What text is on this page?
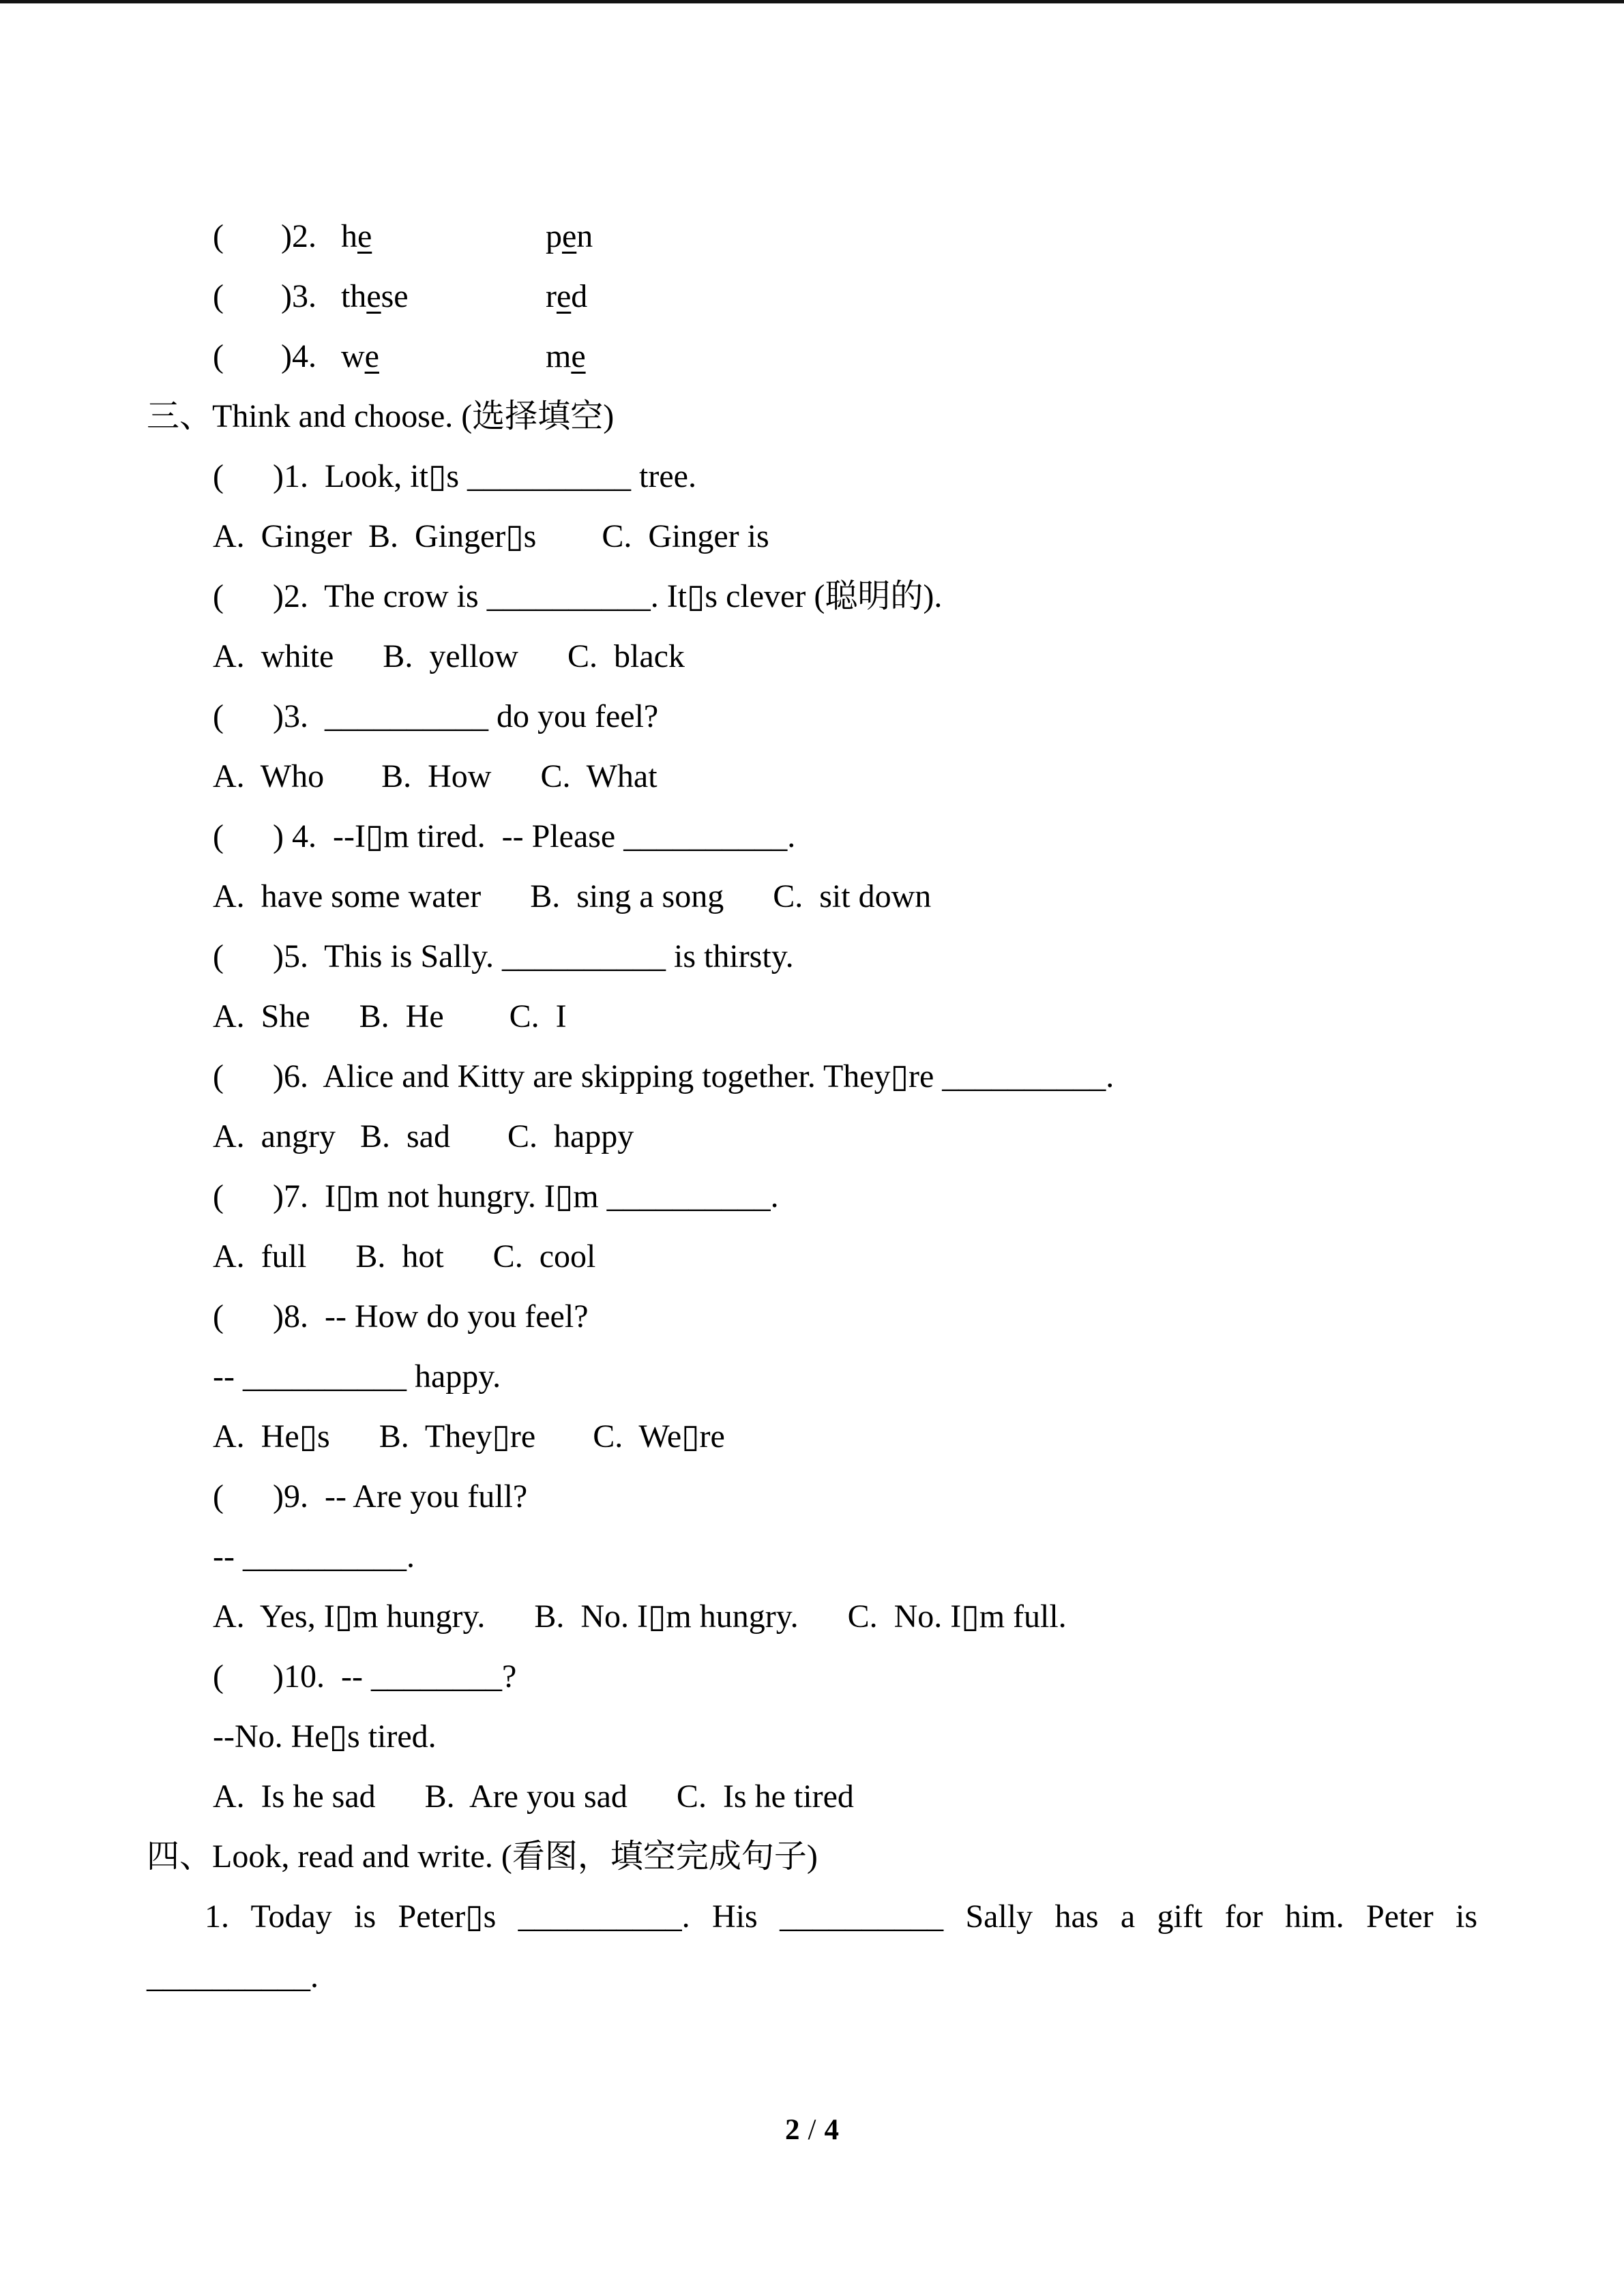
(       )2.   he	pen
(       )3.   these	red
(       )4.   we	me
三、Think and choose. (选择填空)
(      )1.  Look, it▯s __________ tree.
A.  Ginger  B.  Ginger▯s        C.  Ginger is
(      )2.  The crow is __________. It▯s clever (聪明的).
A.  white      B.  yellow      C.  black
(      )3.  __________ do you feel?
A.  Who       B.  How      C.  What
(      ) 4.  --I▯m tired.  -- Please __________.
A.  have some water      B.  sing a song      C.  sit down
(      )5.  This is Sally. __________ is thirsty.
A.  She      B.  He        C.  I
(      )6.  Alice and Kitty are skipping together. They▯re __________.
A.  angry   B.  sad       C.  happy
(      )7.  I▯m not hungry. I▯m __________.
A.  full      B.  hot      C.  cool
(      )8.  -- How do you feel?
-- __________ happy.
A.  He▯s      B.  They▯re       C.  We▯re
(      )9.  -- Are you full?
-- __________.
A.  Yes, I▯m hungry.      B.  No. I▯m hungry.      C.  No. I▯m full.
(      )10.  -- ________?
--No. He▯s tired.
A.  Is he sad      B.  Are you sad      C.  Is he tired
四、Look, read and write. (看图，填空完成句子)
1. Today is Peter▯s __________. His __________ Sally has a gift for him. Peter is
__________.
2 / 4
